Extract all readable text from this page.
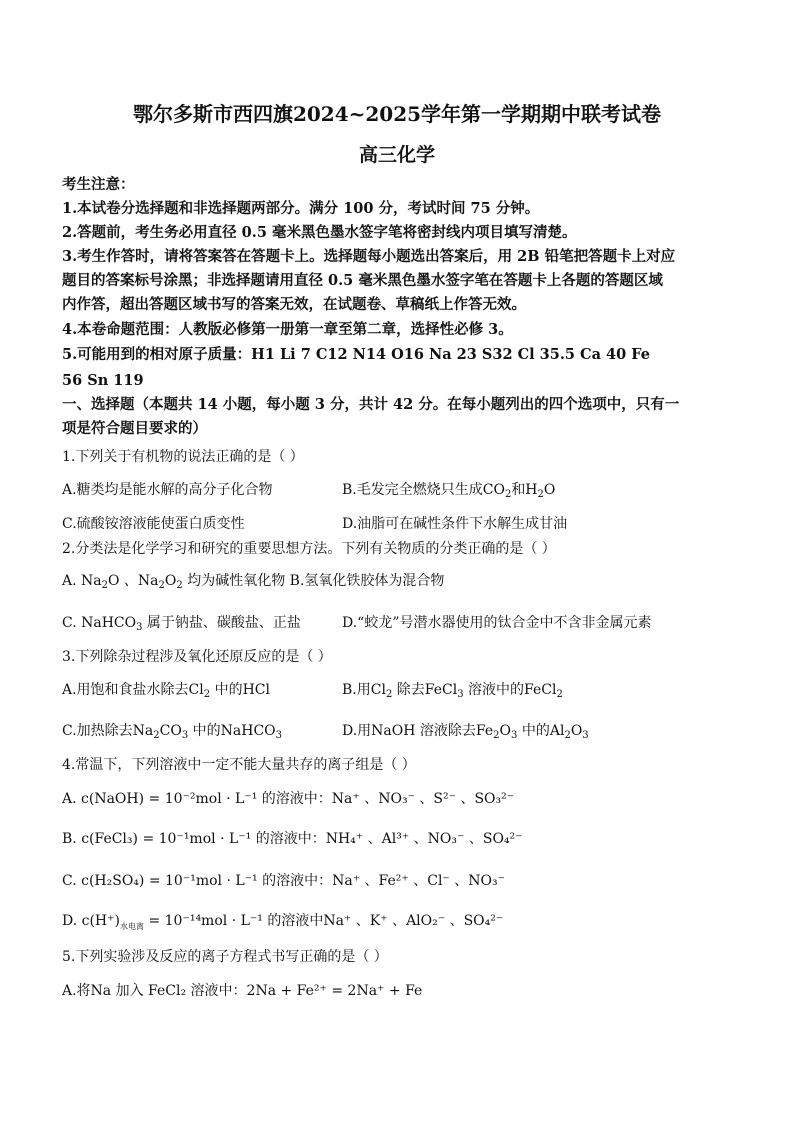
鄂尔多斯市西四旗2024~2025学年第一学期期中联考试卷
高三化学
考生注意：
1.本试卷分选择题和非选择题两部分。满分 100 分，考试时间 75 分钟。
2.答题前，考生务必用直径 0.5 毫米黑色墨水签字笔将密封线内项目填写清楚。
3.考生作答时，请将答案答在答题卡上。选择题每小题选出答案后，用 2B 铅笔把答题卡上对应
题目的答案标号涂黑；非选择题请用直径 0.5 毫米黑色墨水签字笔在答题卡上各题的答题区域
内作答，超出答题区域书写的答案无效，在试题卷、草稿纸上作答无效。
4.本卷命题范围：人教版必修第一册第一章至第二章，选择性必修 3。
5.可能用到的相对原子质量：H1 Li 7 C12 N14 O16 Na 23 S32 Cl 35.5 Ca 40 Fe
56 Sn 119
一、选择题（本题共 14 小题，每小题 3 分，共计 42 分。在每小题列出的四个选项中，只有一
项是符合题目要求的）
1.下列关于有机物的说法正确的是（ ）
A.糖类均是能水解的高分子化合物	B.毛发完全燃烧只生成$CO_2$和$H_2O$
C.硫酸铵溶液能使蛋白质变性	D.油脂可在碱性条件下水解生成甘油
2.分类法是化学学习和研究的重要思想方法。下列有关物质的分类正确的是（ ）
A. $Na_2O$ 、$Na_2O_2$ 均为碱性氧化物 B.氢氧化铁胶体为混合物
C. NaHCO$_3$ 属于钠盐、碳酸盐、正盐	D.“蛟龙”号潜水器使用的钛合金中不含非金属元素
3.下列除杂过程涉及氧化还原反应的是（ ）
A.用饱和食盐水除去$Cl_2$ 中的HCl	B.用$Cl_2$ 除去FeCl$_3$ 溶液中的FeCl$_2$
C.加热除去$Na_2CO_3$ 中的NaHCO$_3$	D.用NaOH 溶液除去$Fe_2O_3$ 中的$Al_2O_3$
4.常温下，下列溶液中一定不能大量共存的离子组是（ ）
A. c(NaOH) = 10⁻²mol · L⁻¹ 的溶液中：Na⁺ 、NO₃⁻ 、S²⁻ 、SO₃²⁻
B. c(FeCl₃) = 10⁻¹mol · L⁻¹ 的溶液中：NH₄⁺ 、Al³⁺ 、NO₃⁻ 、SO₄²⁻
C. c(H₂SO₄) = 10⁻¹mol · L⁻¹ 的溶液中：Na⁺ 、Fe²⁺ 、Cl⁻ 、NO₃⁻
D. $c(H^+)_{水电离} = 10^{-14}mol \cdot L^{-1}$ 的溶液中Na⁺ 、K⁺ 、AlO₂⁻ 、SO₄²⁻
5.下列实验涉及反应的离子方程式书写正确的是（ ）
A.将Na 加入 FeCl₂ 溶液中：2Na + Fe²⁺ = 2Na⁺ + Fe
